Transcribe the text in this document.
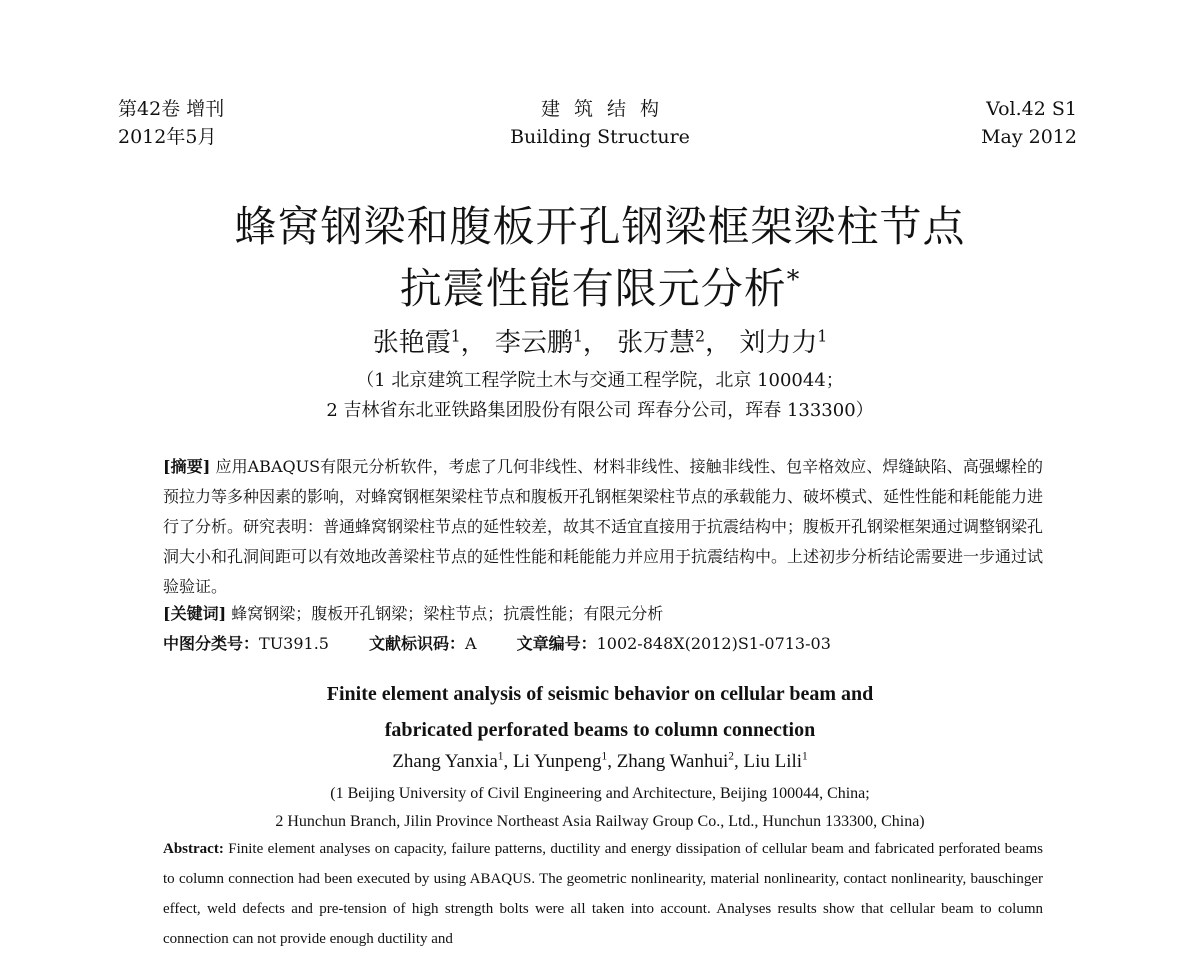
第42卷 增刊
2012年5月
建筑结构
Building Structure
Vol.42 S1
May 2012
蜂窝钢梁和腹板开孔钢梁框架梁柱节点
抗震性能有限元分析*
张艳霞$^1$， 李云鹏$^1$， 张万慧$^2$， 刘力力$^1$
（1 北京建筑工程学院土木与交通工程学院，北京 100044；
2 吉林省东北亚铁路集团股份有限公司 珲春分公司，珲春 133300）
[摘要] 应用ABAQUS有限元分析软件，考虑了几何非线性、材料非线性、接触非线性、包辛格效应、焊缝缺陷、高强螺栓的预拉力等多种因素的影响，对蜂窝钢框架梁柱节点和腹板开孔钢框架梁柱节点的承载能力、破坏模式、延性性能和耗能能力进行了分析。研究表明：普通蜂窝钢梁柱节点的延性较差，故其不适宜直接用于抗震结构中；腹板开孔钢梁框架通过调整钢梁孔洞大小和孔洞间距可以有效地改善梁柱节点的延性性能和耗能能力并应用于抗震结构中。上述初步分析结论需要进一步通过试验验证。
[关键词] 蜂窝钢梁；腹板开孔钢梁；梁柱节点；抗震性能；有限元分析
中图分类号：TU391.5	文献标识码：A	文章编号：1002-848X(2012)S1-0713-03
Finite element analysis of seismic behavior on cellular beam and
fabricated perforated beams to column connection
Zhang Yanxia$^1$, Li Yunpeng$^1$, Zhang Wanhui$^2$, Liu Lili$^1$
(1 Beijing University of Civil Engineering and Architecture, Beijing 100044, China;
2 Hunchun Branch, Jilin Province Northeast Asia Railway Group Co., Ltd., Hunchun 133300, China)
Abstract: Finite element analyses on capacity, failure patterns, ductility and energy dissipation of cellular beam and fabricated perforated beams to column connection had been executed by using ABAQUS. The geometric nonlinearity, material nonlinearity, contact nonlinearity, bauschinger effect, weld defects and pre-tension of high strength bolts were all taken into account. Analyses results show that cellular beam to column connection can not provide enough ductility and
